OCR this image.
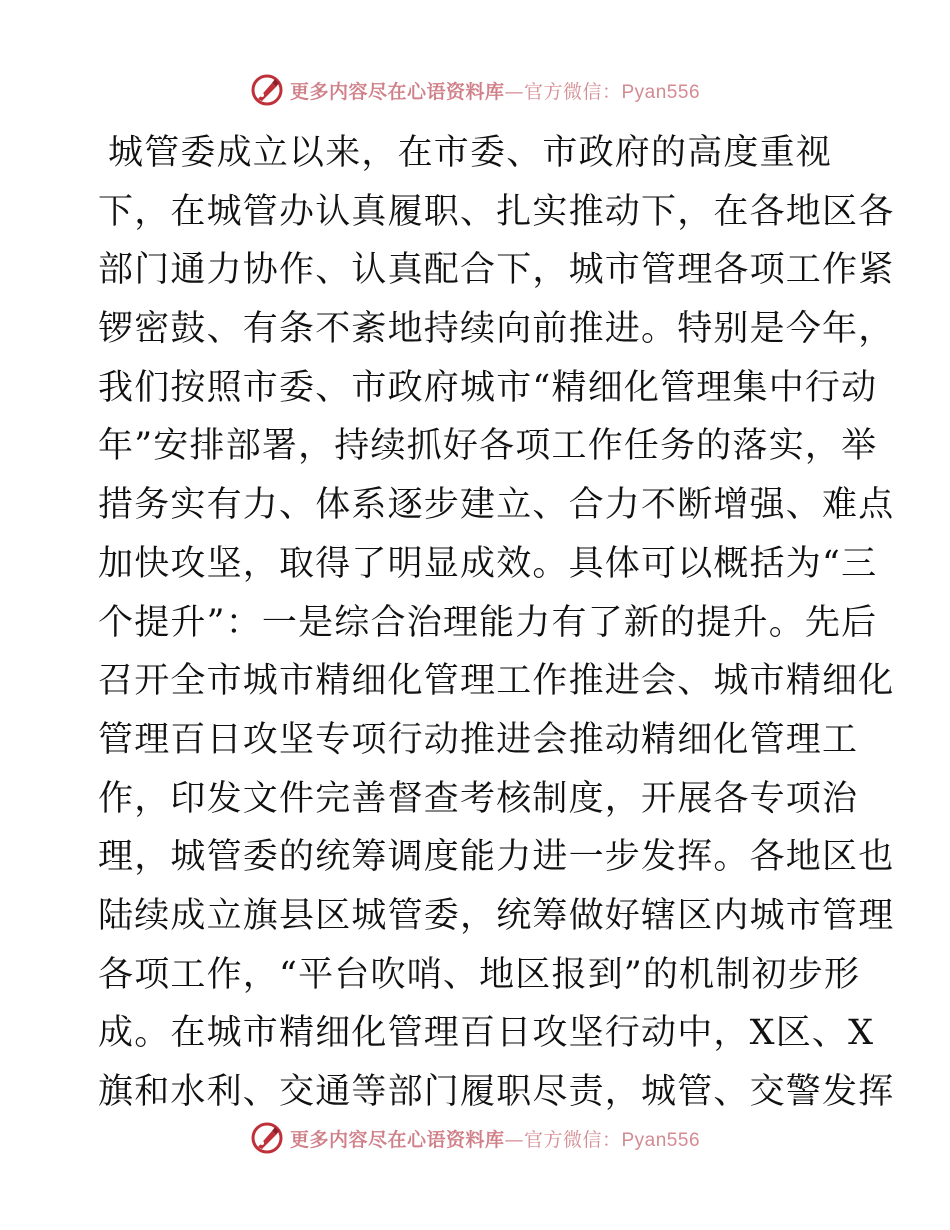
更多内容尽在心语资料库—官方微信：Pyan556
城管委成立以来，在市委、市政府的高度重视
下，在城管办认真履职、扎实推动下，在各地区各
部门通力协作、认真配合下，城市管理各项工作紧
锣密鼓、有条不紊地持续向前推进。特别是今年，
我们按照市委、市政府城市“精细化管理集中行动
年”安排部署，持续抓好各项工作任务的落实，举
措务实有力、体系逐步建立、合力不断增强、难点
加快攻坚，取得了明显成效。具体可以概括为“三
个提升”：一是综合治理能力有了新的提升。先后
召开全市城市精细化管理工作推进会、城市精细化
管理百日攻坚专项行动推进会推动精细化管理工
作，印发文件完善督查考核制度，开展各专项治
理，城管委的统筹调度能力进一步发挥。各地区也
陆续成立旗县区城管委，统筹做好辖区内城市管理
各项工作，“平台吹哨、地区报到”的机制初步形
成。在城市精细化管理百日攻坚行动中，X区、X
旗和水利、交通等部门履职尽责，城管、交警发挥
更多内容尽在心语资料库—官方微信：Pyan556
